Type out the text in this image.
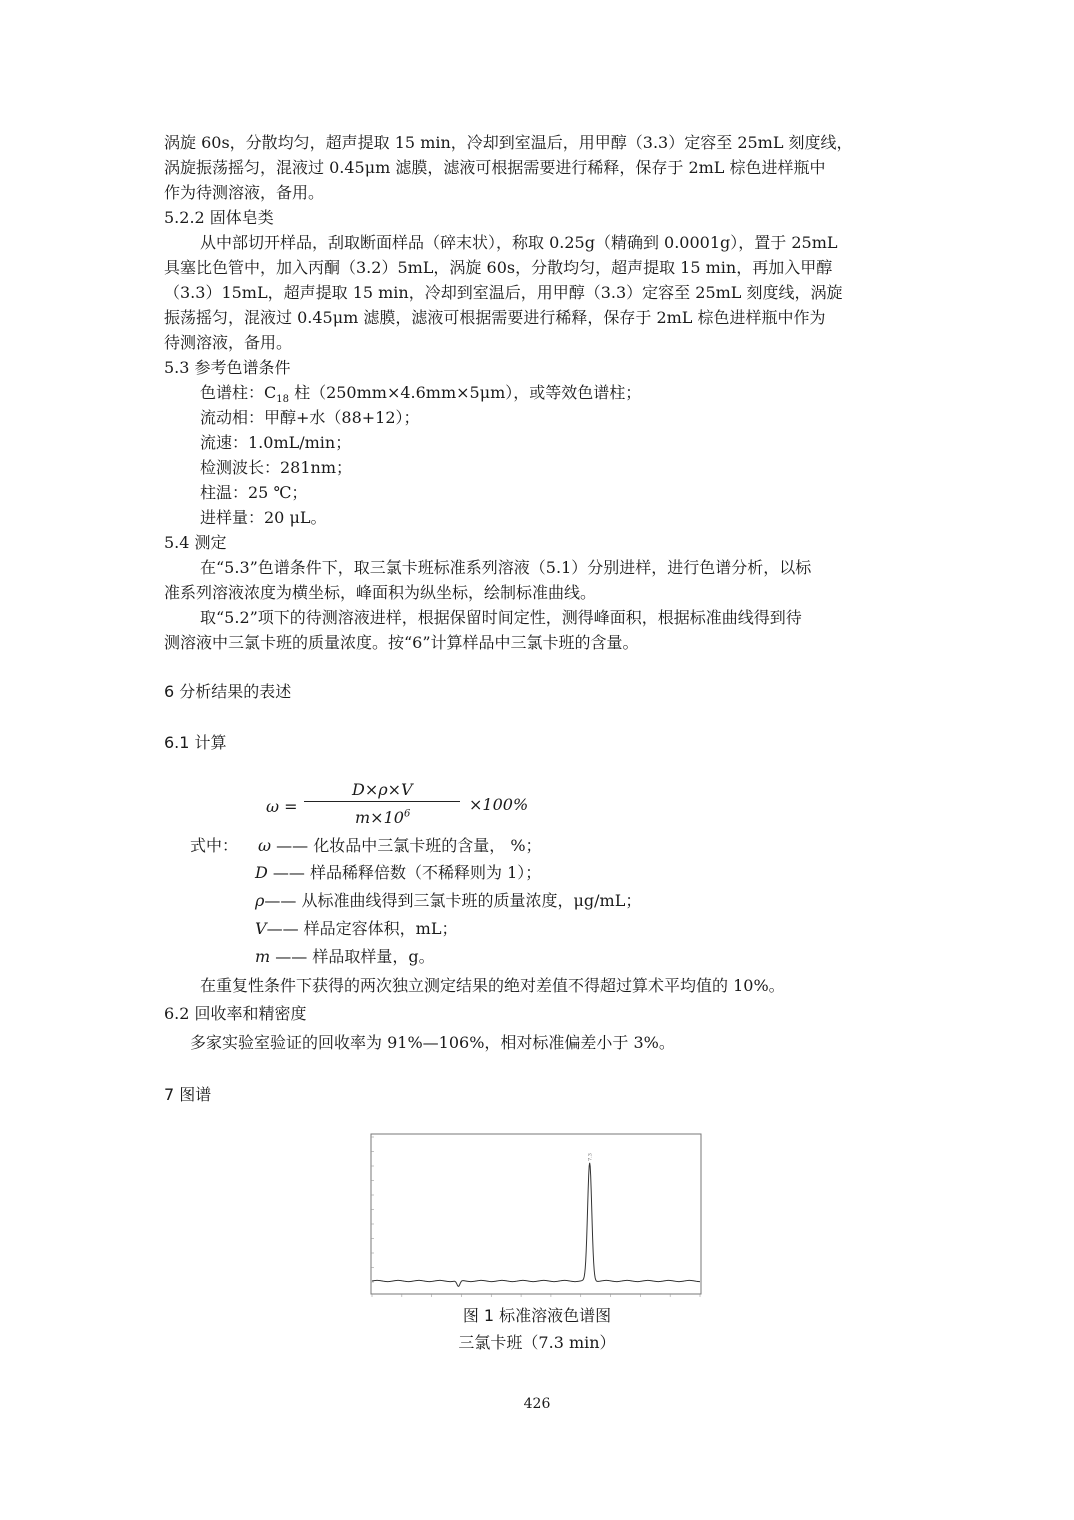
涡旋 60s，分散均匀，超声提取 15 min，冷却到室温后，用甲醇（3.3）定容至 25mL 刻度线，
涡旋振荡摇匀，混液过 0.45μm 滤膜，滤液可根据需要进行稀释，保存于 2mL 棕色进样瓶中
作为待测溶液，备用。
5.2.2 固体皂类
从中部切开样品，刮取断面样品（碎末状），称取 0.25g（精确到 0.0001g），置于 25mL
具塞比色管中，加入丙酮（3.2）5mL，涡旋 60s，分散均匀，超声提取 15 min，再加入甲醇
（3.3）15mL，超声提取 15 min，冷却到室温后，用甲醇（3.3）定容至 25mL 刻度线，涡旋
振荡摇匀，混液过 0.45μm 滤膜，滤液可根据需要进行稀释，保存于 2mL 棕色进样瓶中作为
待测溶液，备用。
5.3 参考色谱条件
色谱柱：$C_{18}$ 柱（250mm×4.6mm×5μm），或等效色谱柱；
流动相：甲醇+水（88+12）；
流速：1.0mL/min；
检测波长：281nm；
柱温：25 ℃；
进样量：20 μL。
5.4 测定
在“5.3”色谱条件下，取三氯卡班标准系列溶液（5.1）分别进样，进行色谱分析，以标
准系列溶液浓度为横坐标，峰面积为纵坐标，绘制标准曲线。
取“5.2”项下的待测溶液进样，根据保留时间定性，测得峰面积，根据标准曲线得到待
测溶液中三氯卡班的质量浓度。按“6”计算样品中三氯卡班的含量。
6 分析结果的表述
6.1 计算
ω =
D×ρ×V
$m\times 10^6$
×100%
式中： ω —— 化妆品中三氯卡班的含量， %；
D —— 样品稀释倍数（不稀释则为 1）；
ρ—— 从标准曲线得到三氯卡班的质量浓度，μg/mL；
V—— 样品定容体积，mL；
m —— 样品取样量，g。
在重复性条件下获得的两次独立测定结果的绝对差值不得超过算术平均值的 10%。
6.2 回收率和精密度
多家实验室验证的回收率为 91%—106%，相对标准偏差小于 3%。
7 图谱
7.3
图 1 标准溶液色谱图
三氯卡班（7.3 min）
426
